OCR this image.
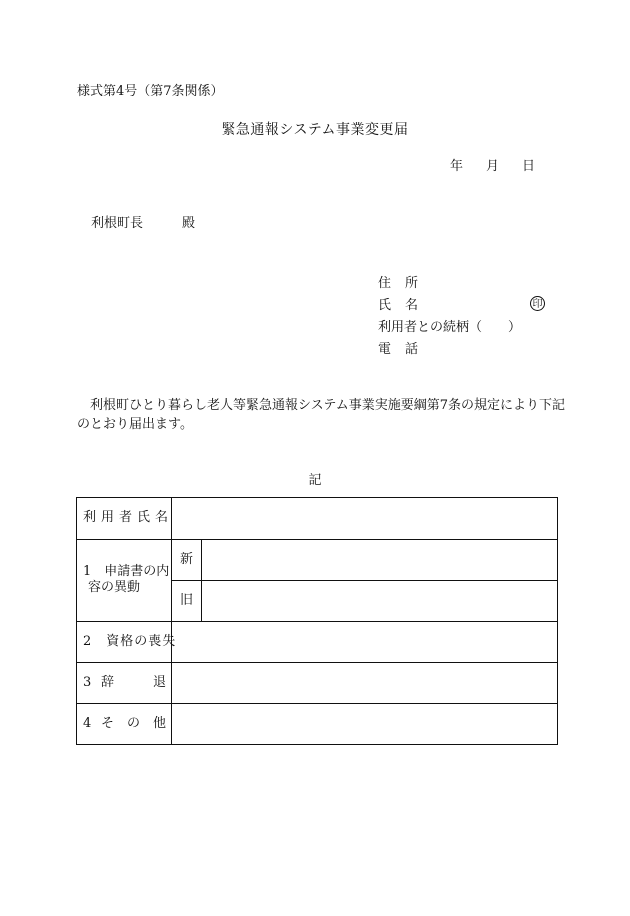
様式第4号（第7条関係）
緊急通報システム事業変更届
年 月 日
利根町長	殿
住所
氏名	印
利用者との続柄（　　）
電話
利根町ひとり暮らし老人等緊急通報システム事業実施要綱第7条の規定により下記のとおり届出ます。
記
利用者氏名
1　申請書の内
容の異動
新
旧
2　資格の喪失
3 辞	退
4 そ の 他
